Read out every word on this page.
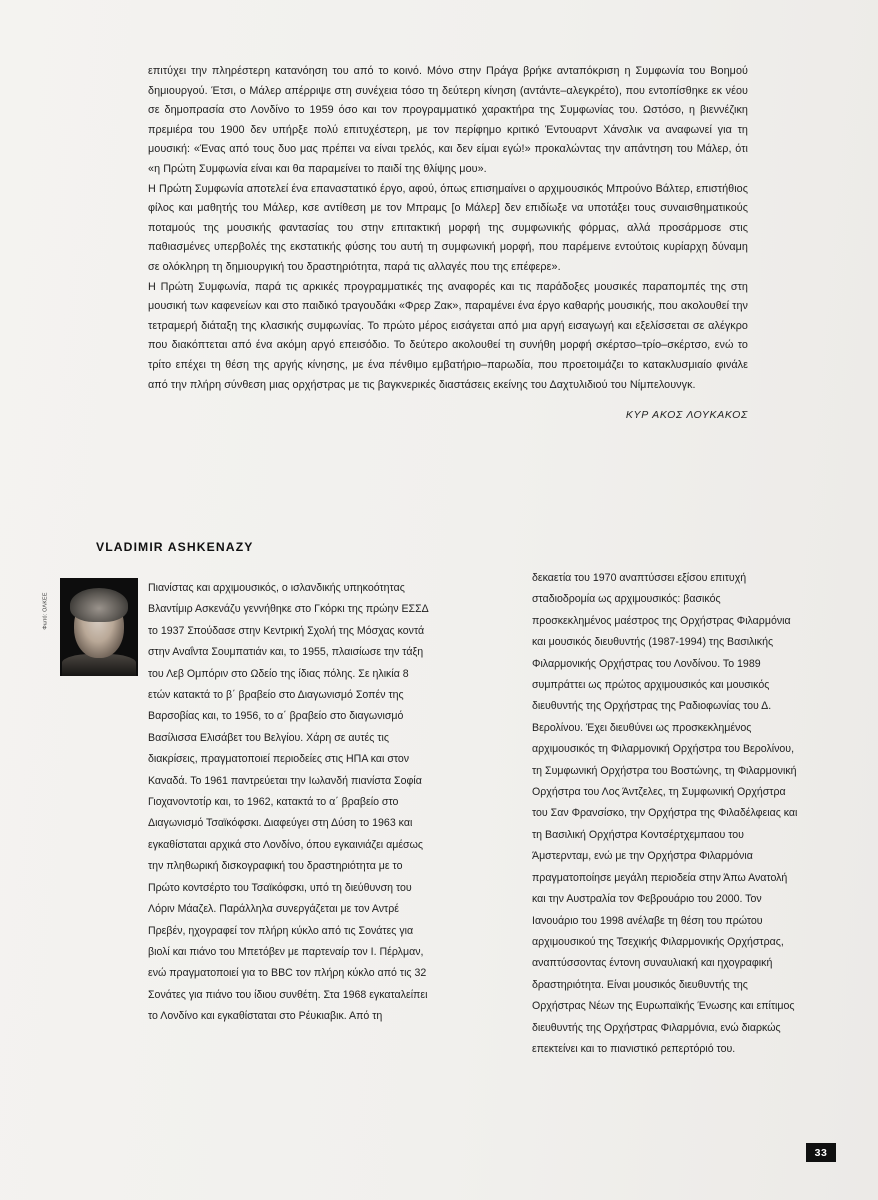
επιτύχει την πληρέστερη κατανόηση του από το κοινό. Μόνο στην Πράγα βρήκε ανταπόκριση η Συμφωνία του Βοημού δημιουργού. Έτσι, ο Μάλερ απέρριψε στη συνέχεια τόσο τη δεύτερη κίνηση (αντάντε–αλεγκρέτο), που εντοπίσθηκε εκ νέου σε δημοπρασία στο Λονδίνο το 1959 όσο και τον προγραμματικό χαρακτήρα της Συμφωνίας του. Ωστόσο, η βιεννέζικη πρεμιέρα του 1900 δεν υπήρξε πολύ επιτυχέστερη, με τον περίφημο κριτικό Έντουαρντ Χάνσλικ να αναφωνεί για τη μουσική: «Ένας από τους δυο μας πρέπει να είναι τρελός, και δεν είμαι εγώ!» προκαλώντας την απάντηση του Μάλερ, ότι «η Πρώτη Συμφωνία είναι και θα παραμείνει το παιδί της θλίψης μου».

Η Πρώτη Συμφωνία αποτελεί ένα επαναστατικό έργο, αφού, όπως επισημαίνει ο αρχιμουσικός Μπρούνο Βάλτερ, επιστήθιος φίλος και μαθητής του Μάλερ, κσε αντίθεση με τον Μπραμς [ο Μάλερ] δεν επιδίωξε να υποτάξει τους συναισθηματικούς ποταμούς της μουσικής φαντασίας του στην επιτακτική μορφή της συμφωνικής φόρμας, αλλά προσάρμοσε στις παθιασμένες υπερβολές της εκστατικής φύσης του αυτή τη συμφωνική μορφή, που παρέμεινε εντούτοις κυρίαρχη δύναμη σε ολόκληρη τη δημιουργική του δραστηριότητα, παρά τις αλλαγές που της επέφερε».

Η Πρώτη Συμφωνία, παρά τις αρκικές προγραμματικές της αναφορές και τις παράδοξες μουσικές παραπομπές της στη μουσική των καφενείων και στο παιδικό τραγουδάκι «Φρερ Ζακ», παραμένει ένα έργο καθαρής μουσικής, που ακολουθεί την τετραμερή διάταξη της κλασικής συμφωνίας. Το πρώτο μέρος εισάγεται από μια αργή εισαγωγή και εξελίσσεται σε αλέγκρο που διακόπτεται από ένα ακόμη αργό επεισόδιο. Το δεύτερο ακολουθεί τη συνήθη μορφή σκέρτσο–τρίο–σκέρτσο, ενώ το τρίτο επέχει τη θέση της αργής κίνησης, με ένα πένθιμο εμβατήριο–παρωδία, που προετοιμάζει το κατακλυσμιαίο φινάλε από την πλήρη σύνθεση μιας ορχήστρας με τις βαγκνερικές διαστάσεις εκείνης του Δαχτυλιδιού του Νίμπελουνγκ.

ΚΥΡ ΑΚΟΣ ΛΟΥΚΑΚΟΣ
VLADIMIR ASHKENAZY
Φωτό: ΟΛΚΕΕ

Πιανίστας και αρχιμουσικός, ο ισλανδικής υπηκοότητας Βλαντίμιρ Ασκενάζυ γεννήθηκε στο Γκόρκι της πρώην ΕΣΣΔ το 1937 Σπούδασε στην Κεντρική Σχολή της Μόσχας κοντά στην Αναΐντα Σουμπατιάν και, το 1955, πλαισίωσε την τάξη του Λεβ Ομπόριν στο Ωδείο της ίδιας πόλης. Σε ηλικία 8 ετών κατακτά το β΄ βραβείο στο Διαγωνισμό Σοπέν της Βαρσοβίας και, το 1956, το α΄ βραβείο στο διαγωνισμό Βασίλισσα Ελισάβετ του Βελγίου. Χάρη σε αυτές τις διακρίσεις, πραγματοποιεί περιοδείες στις ΗΠΑ και στον Καναδά. Το 1961 παντρεύεται την Ιωλανδή πιανίστα Σοφία Γιοχανοντοτίρ και, το 1962, κατακτά το α΄ βραβείο στο Διαγωνισμό Τσαϊκόφσκι. Διαφεύγει στη Δύση το 1963 και εγκαθίσταται αρχικά στο Λονδίνο, όπου εγκαινιάζει αμέσως την πληθωρική δισκογραφική του δραστηριότητα με το Πρώτο κοντσέρτο του Τσαϊκόφσκι, υπό τη διεύθυνση του Λόριν Μάαζελ. Παράλληλα συνεργάζεται με τον Αντρέ Πρεβέν, ηχογραφεί τον πλήρη κύκλο από τις Σονάτες για βιολί και πιάνο του Μπετόβεν με παρτεναίρ τον Ι. Πέρλμαν, ενώ πραγματοποιεί για το ΒΒC τον πλήρη κύκλο από τις 32 Σονάτες για πιάνο του ίδιου συνθέτη. Στα 1968 εγκαταλείπει το Λονδίνο και εγκαθίσταται στο Ρέυκιαβικ. Από τη

δεκαετία του 1970 αναπτύσσει εξίσου επιτυχή σταδιοδρομία ως αρχιμουσικός: βασικός προσκεκλημένος μαέστρος της Ορχήστρας Φιλαρμόνια και μουσικός διευθυντής (1987-1994) της Βασιλικής Φιλαρμονικής Ορχήστρας του Λονδίνου. Το 1989 συμπράττει ως πρώτος αρχιμουσικός και μουσικός διευθυντής της Ορχήστρας της Ραδιοφωνίας του Δ. Βερολίνου. Έχει διευθύνει ως προσκεκλημένος αρχιμουσικός τη Φιλαρμονική Ορχήστρα του Βερολίνου, τη Συμφωνική Ορχήστρα του Βοστώνης, τη Φιλαρμονική Ορχήστρα του Λος Άντζελες, τη Συμφωνική Ορχήστρα του Σαν Φρανσίσκο, την Ορχήστρα της Φιλαδέλφειας και τη Βασιλική Ορχήστρα Κοντσέρτχεμπαου του Άμστερνταμ, ενώ με την Ορχήστρα Φιλαρμόνια πραγματοποίησε μεγάλη περιοδεία στην Άπω Ανατολή και την Αυστραλία τον Φεβρουάριο του 2000. Τον Ιανουάριο του 1998 ανέλαβε τη θέση του πρώτου αρχιμουσικού της Τσεχικής Φιλαρμονικής Ορχήστρας, αναπτύσσοντας έντονη συναυλιακή και ηχογραφική δραστηριότητα. Είναι μουσικός διευθυντής της Ορχήστρας Νέων της Ευρωπαϊκής Ένωσης και επίτιμος διευθυντής της Ορχήστρας Φιλαρμόνια, ενώ διαρκώς επεκτείνει και το πιανιστικό ρεπερτόριό του.

33
